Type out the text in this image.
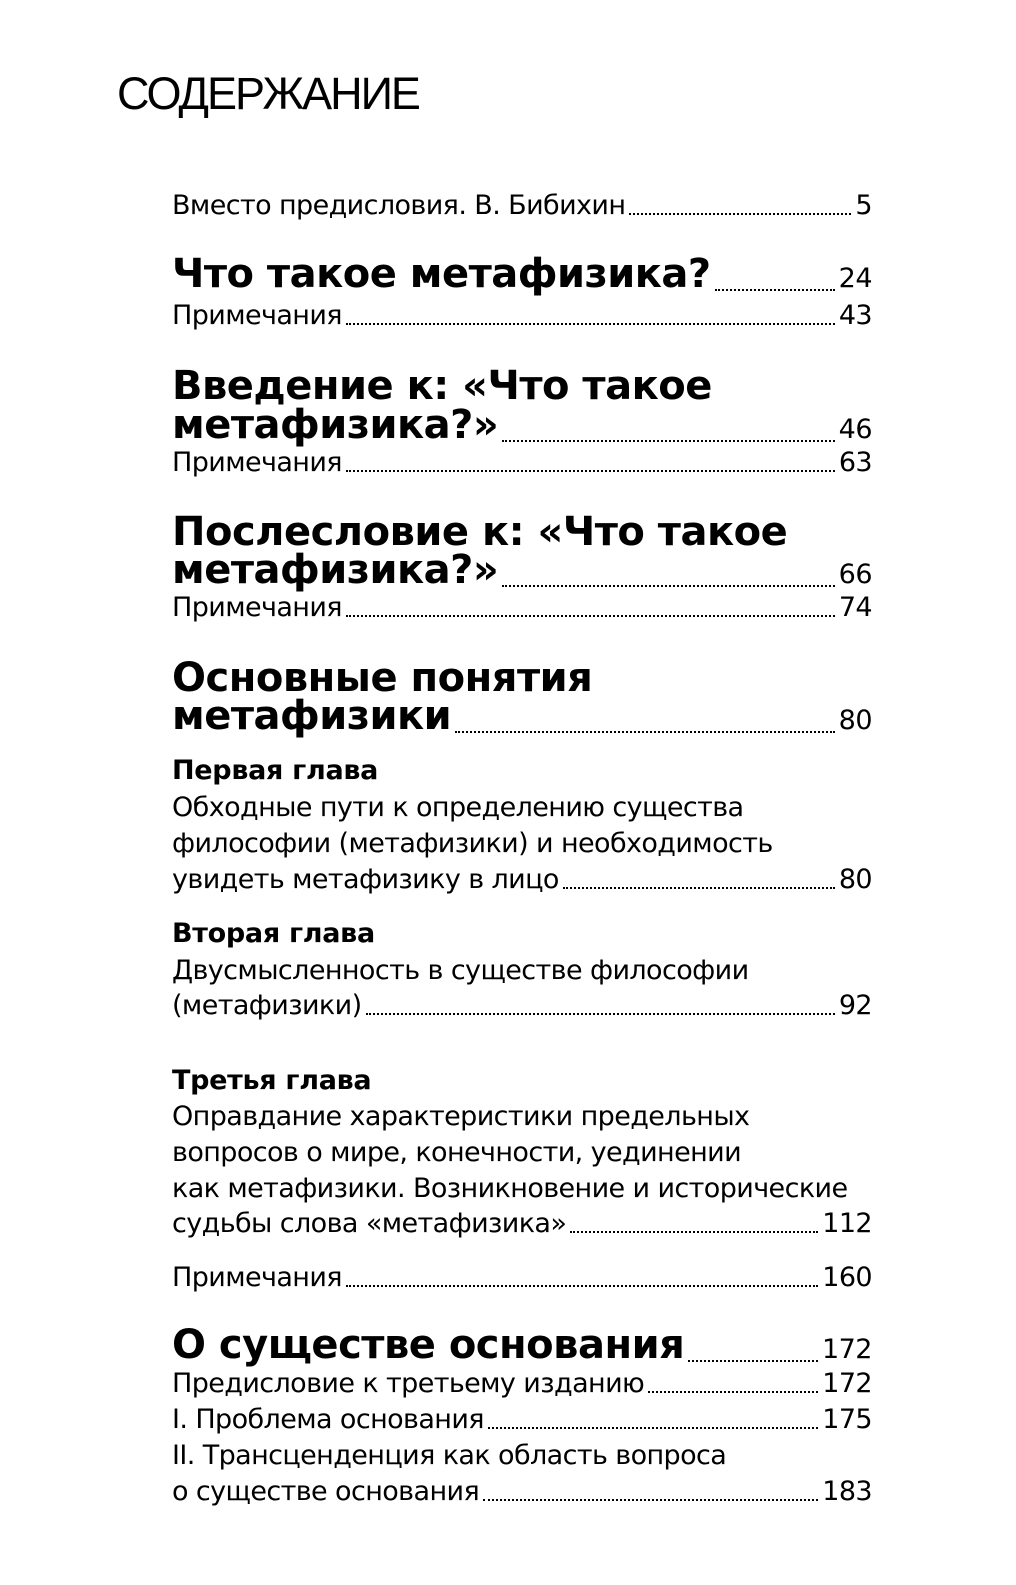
СОДЕРЖАНИЕ
Вместо предисловия. В. Бибихин	5
Что такое метафизика?	24
Примечания	43
Введение к: «Что такое
метафизика?»	46
Примечания	63
Послесловие к: «Что такое
метафизика?»	66
Примечания	74
Основные понятия
метафизики	80
Первая глава
Обходные пути к определению существа
философии (метафизики) и необходимость
увидеть метафизику в лицо	80
Вторая глава
Двусмысленность в существе философии
(метафизики)	92
Третья глава
Оправдание характеристики предельных
вопросов о мире, конечности, уединении
как метафизики. Возникновение и исторические
судьбы слова «метафизика»	112
Примечания	160
О существе основания	172
Предисловие к третьему изданию	172
I. Проблема основания	175
II. Трансценденция как область вопроса
о существе основания	183
